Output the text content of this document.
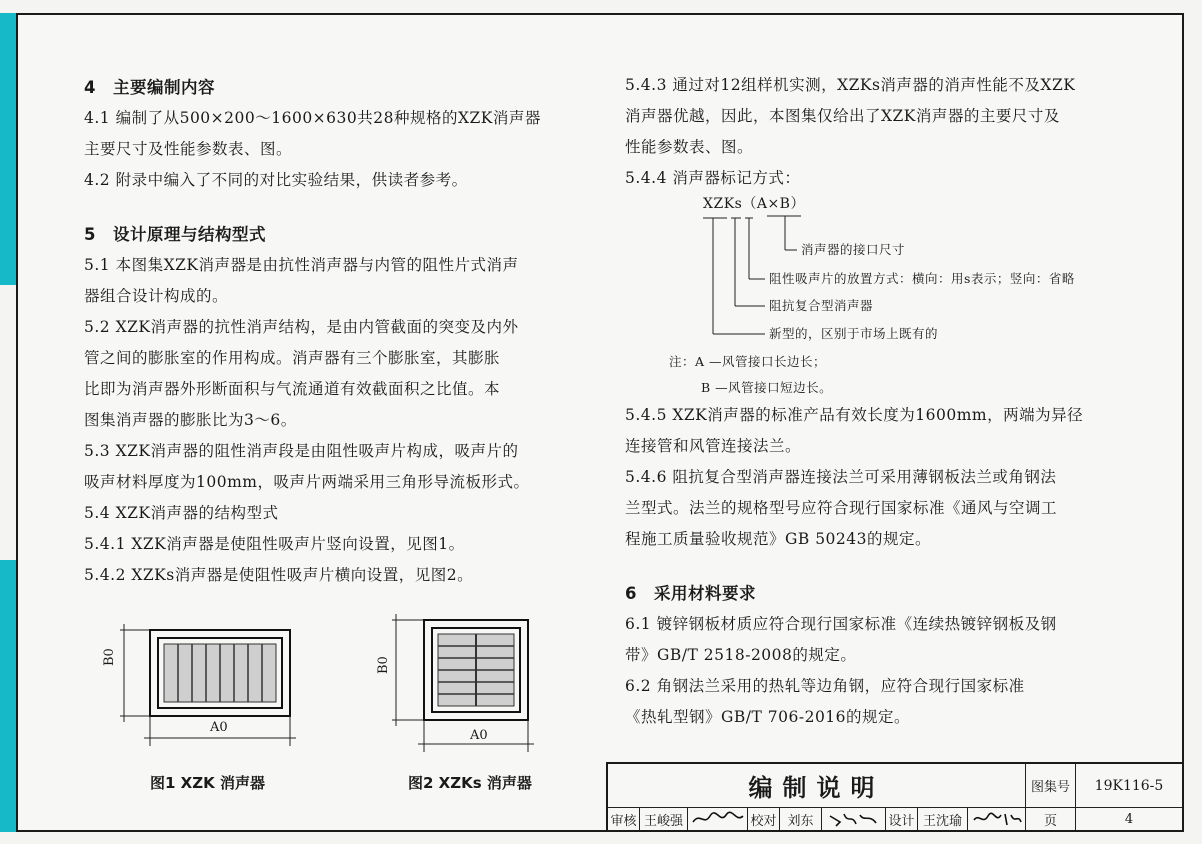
4　主要编制内容

4.1 编制了从500×200～1600×630共28种规格的XZK消声器

主要尺寸及性能参数表、图。

4.2 附录中编入了不同的对比实验结果，供读者参考。

5　设计原理与结构型式

5.1 本图集XZK消声器是由抗性消声器与内管的阻性片式消声

器组合设计构成的。

5.2 XZK消声器的抗性消声结构，是由内管截面的突变及内外

管之间的膨胀室的作用构成。消声器有三个膨胀室，其膨胀

比即为消声器外形断面积与气流通道有效截面积之比值。本

图集消声器的膨胀比为3～6。

5.3 XZK消声器的阻性消声段是由阻性吸声片构成，吸声片的

吸声材料厚度为100mm，吸声片两端采用三角形导流板形式。

5.4 XZK消声器的结构型式

5.4.1 XZK消声器是使阻性吸声片竖向设置，见图1。

5.4.2 XZKs消声器是使阻性吸声片横向设置，见图2。

B0
A0
B0
A0
图1 XZK 消声器	图2 XZKs 消声器

5.4.3 通过对12组样机实测，XZKs消声器的消声性能不及XZK

消声器优越，因此，本图集仅给出了XZK消声器的主要尺寸及

性能参数表、图。

5.4.4 消声器标记方式：

XZKs（A×B）
消声器的接口尺寸
阻性吸声片的放置方式：横向：用s表示；竖向：省略
阻抗复合型消声器
新型的，区别于市场上既有的
注：A —风管接口长边长；
B —风管接口短边长。

5.4.5 XZK消声器的标准产品有效长度为1600mm，两端为异径

连接管和风管连接法兰。

5.4.6 阻抗复合型消声器连接法兰可采用薄钢板法兰或角钢法

兰型式。法兰的规格型号应符合现行国家标准《通风与空调工

程施工质量验收规范》GB 50243的规定。

6　采用材料要求

6.1 镀锌钢板材质应符合现行国家标准《连续热镀锌钢板及钢

带》GB/T 2518-2008的规定。

6.2 角钢法兰采用的热轧等边角钢，应符合现行国家标准

《热轧型钢》GB/T 706-2016的规定。

编制说明	图集号	19K116-5
审核 王峻强	校对 刘东	设计 王沈瑜	页	4
